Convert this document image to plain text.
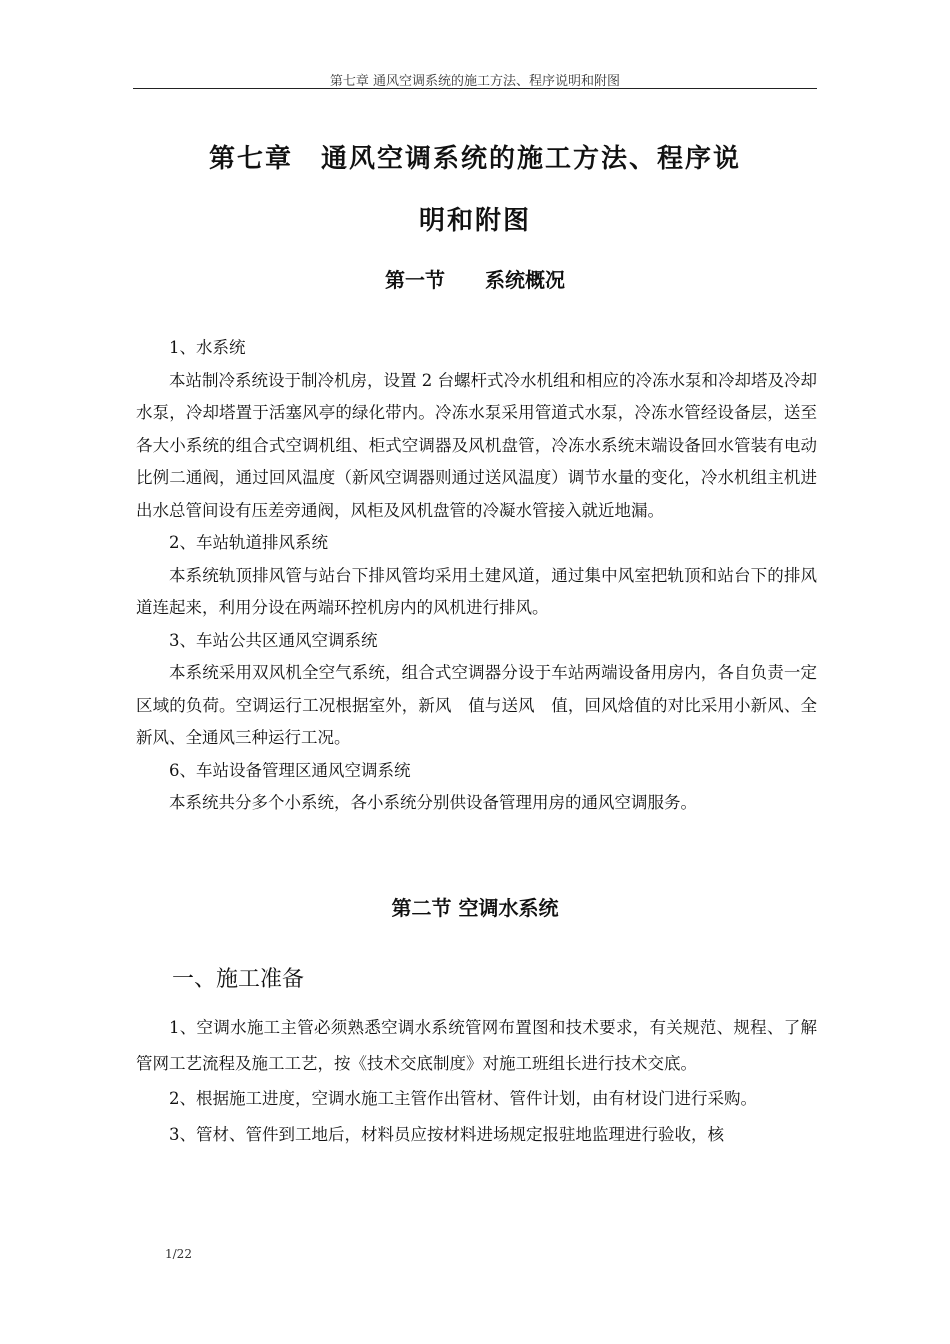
第七章 通风空调系统的施工方法、程序说明和附图
第七章　通风空调系统的施工方法、程序说
明和附图
第一节　　系统概况

1、水系统

本站制冷系统设于制冷机房，设置 2 台螺杆式冷水机组和相应的冷冻水泵和冷却塔及冷却水泵，冷却塔置于活塞风亭的绿化带内。冷冻水泵采用管道式水泵，冷冻水管经设备层，送至各大小系统的组合式空调机组、柜式空调器及风机盘管，冷冻水系统末端设备回水管装有电动比例二通阀，通过回风温度（新风空调器则通过送风温度）调节水量的变化，冷水机组主机进出水总管间设有压差旁通阀，风柜及风机盘管的冷凝水管接入就近地漏。

2、车站轨道排风系统

本系统轨顶排风管与站台下排风管均采用土建风道，通过集中风室把轨顶和站台下的排风道连起来，利用分设在两端环控机房内的风机进行排风。

3、车站公共区通风空调系统

本系统采用双风机全空气系统，组合式空调器分设于车站两端设备用房内，各自负责一定区域的负荷。空调运行工况根据室外，新风　值与送风　值，回风焓值的对比采用小新风、全新风、全通风三种运行工况。

6、车站设备管理区通风空调系统

本系统共分多个小系统，各小系统分别供设备管理用房的通风空调服务。

第二节 空调水系统
一、施工准备

1、空调水施工主管必须熟悉空调水系统管网布置图和技术要求，有关规范、规程、了解管网工艺流程及施工工艺，按《技术交底制度》对施工班组长进行技术交底。

2、根据施工进度，空调水施工主管作出管材、管件计划，由有材设门进行采购。

3、管材、管件到工地后，材料员应按材料进场规定报驻地监理进行验收，核

1/22
